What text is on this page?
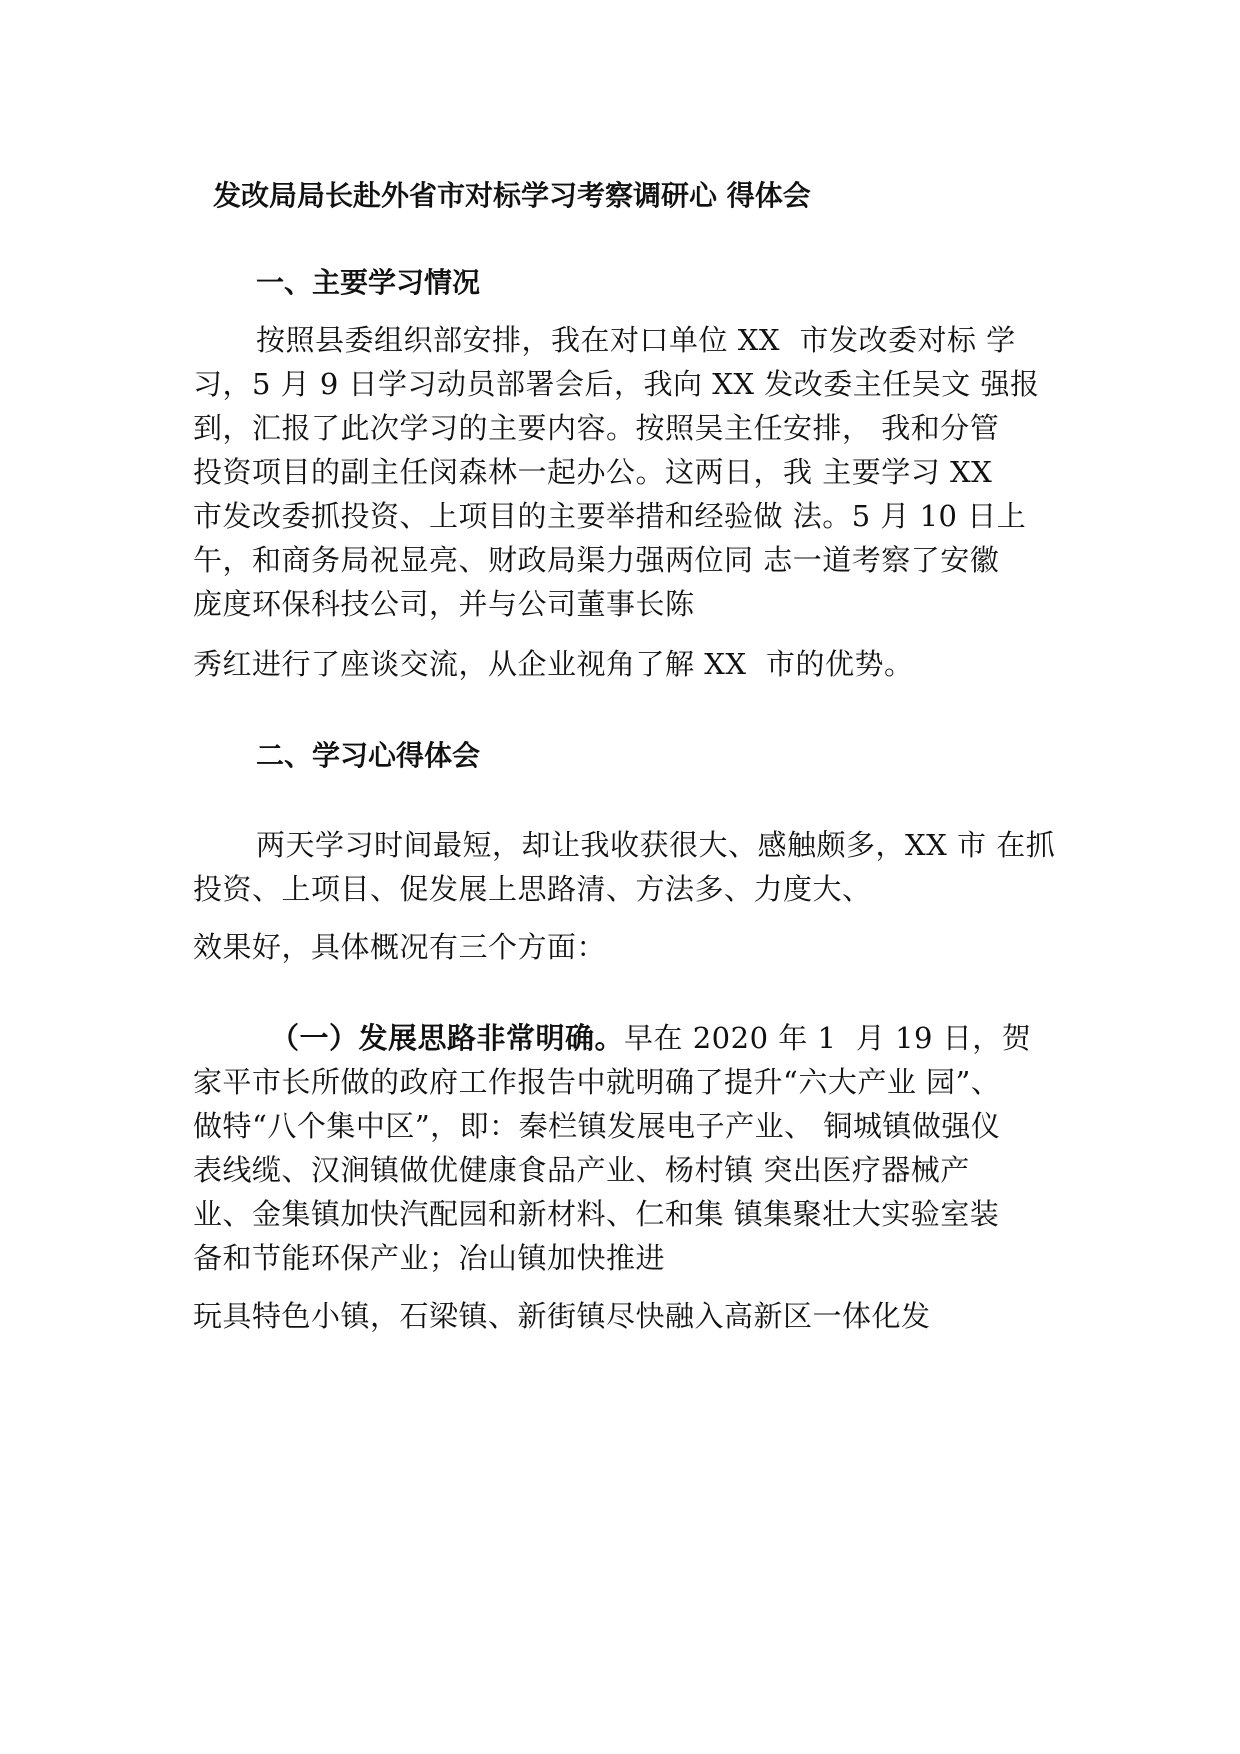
发改局局长赴外省市对标学习考察调研心 得体会
一、主要学习情况
按照县委组织部安排，我在对口单位 XX  市发改委对标 学
习，5 月 9 日学习动员部署会后，我向 XX 发改委主任吴文 强报
到，汇报了此次学习的主要内容。按照吴主任安排， 我和分管
投资项目的副主任闵森林一起办公。这两日，我 主要学习 XX
市发改委抓投资、上项目的主要举措和经验做 法。5 月 10 日上
午，和商务局祝显亮、财政局渠力强两位同 志一道考察了安徽
庞度环保科技公司，并与公司董事长陈
秀红进行了座谈交流，从企业视角了解 XX  市的优势。
二、学习心得体会
两天学习时间最短，却让我收获很大、感触颇多，XX 市 在抓
投资、上项目、促发展上思路清、方法多、力度大、
效果好，具体概况有三个方面：
（一）发展思路非常明确。早在 2020 年 1  月 19 日，贺
家平市长所做的政府工作报告中就明确了提升“六大产业 园”、
做特“八个集中区”，即：秦栏镇发展电子产业、 铜城镇做强仪
表线缆、汉涧镇做优健康食品产业、杨村镇 突出医疗器械产
业、金集镇加快汽配园和新材料、仁和集 镇集聚壮大实验室装
备和节能环保产业；冶山镇加快推进
玩具特色小镇，石梁镇、新街镇尽快融入高新区一体化发
